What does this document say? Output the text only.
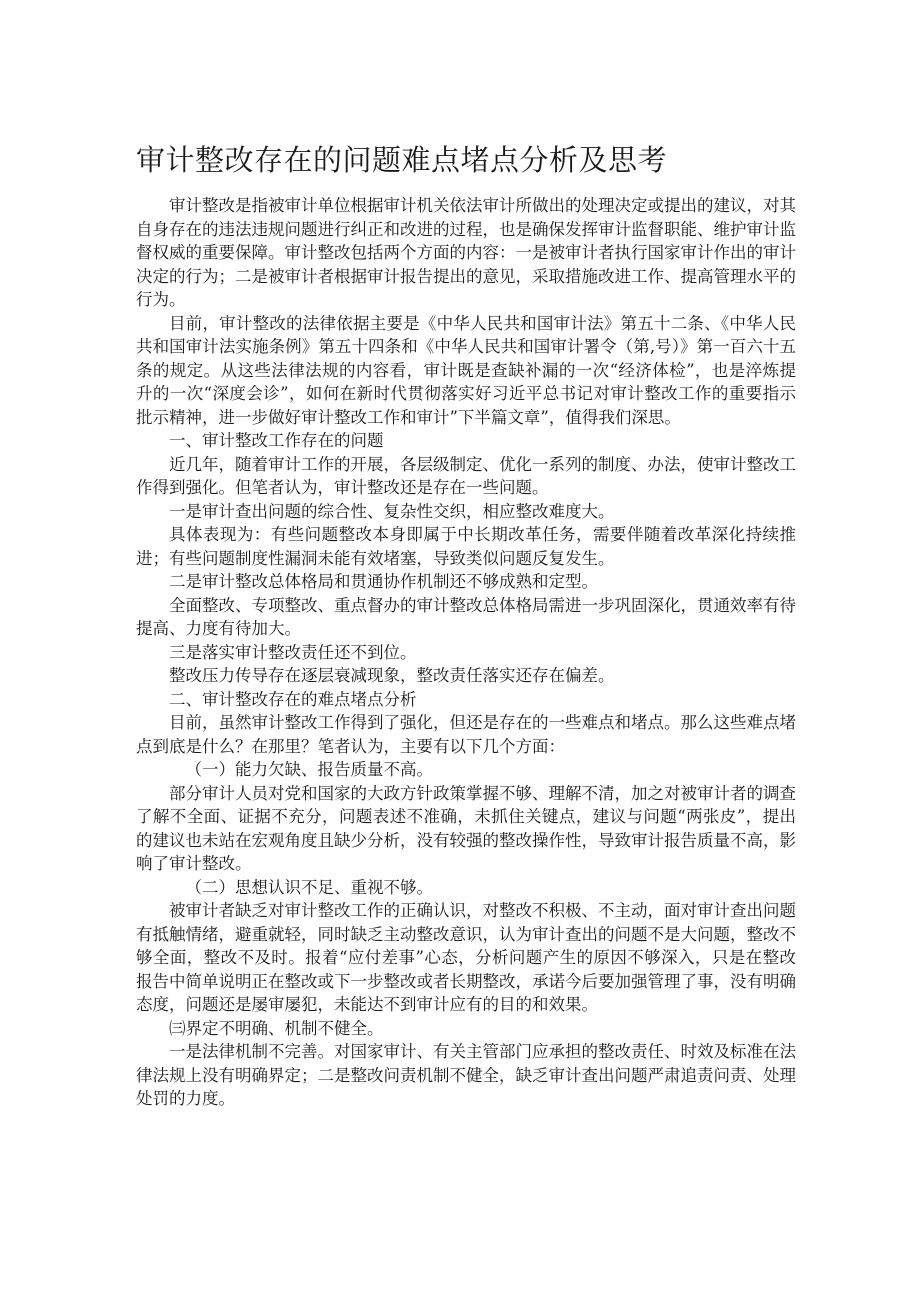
审计整改存在的问题难点堵点分析及思考

审计整改是指被审计单位根据审计机关依法审计所做出的处理决定或提出的建议，对其自身存在的违法违规问题进行纠正和改进的过程，也是确保发挥审计监督职能、维护审计监督权威的重要保障。审计整改包括两个方面的内容：一是被审计者执行国家审计作出的审计决定的行为；二是被审计者根据审计报告提出的意见，采取措施改进工作、提高管理水平的行为。

目前，审计整改的法律依据主要是《中华人民共和国审计法》第五十二条、《中华人民共和国审计法实施条例》第五十四条和《中华人民共和国审计署令（第,号）》第一百六十五条的规定。从这些法律法规的内容看，审计既是查缺补漏的一次“经济体检”，也是淬炼提升的一次“深度会诊”，如何在新时代贯彻落实好习近平总书记对审计整改工作的重要指示批示精神，进一步做好审计整改工作和审计”下半篇文章”，值得我们深思。

一、审计整改工作存在的问题

近几年，随着审计工作的开展，各层级制定、优化一系列的制度、办法，使审计整改工作得到强化。但笔者认为，审计整改还是存在一些问题。

一是审计查出问题的综合性、复杂性交织，相应整改难度大。

具体表现为：有些问题整改本身即属于中长期改革任务，需要伴随着改革深化持续推进；有些问题制度性漏洞未能有效堵塞，导致类似问题反复发生。

二是审计整改总体格局和贯通协作机制还不够成熟和定型。

全面整改、专项整改、重点督办的审计整改总体格局需进一步巩固深化，贯通效率有待提高、力度有待加大。

三是落实审计整改责任还不到位。

整改压力传导存在逐层衰减现象，整改责任落实还存在偏差。

二、审计整改存在的难点堵点分析

目前，虽然审计整改工作得到了强化，但还是存在的一些难点和堵点。那么这些难点堵点到底是什么？在那里？笔者认为，主要有以下几个方面：

（一）能力欠缺、报告质量不高。

部分审计人员对党和国家的大政方针政策掌握不够、理解不清，加之对被审计者的调查了解不全面、证据不充分，问题表述不准确，未抓住关键点，建议与问题“两张皮”，提出的建议也未站在宏观角度且缺少分析，没有较强的整改操作性，导致审计报告质量不高，影响了审计整改。

（二）思想认识不足、重视不够。

被审计者缺乏对审计整改工作的正确认识，对整改不积极、不主动，面对审计查出问题有抵触情绪，避重就轻，同时缺乏主动整改意识，认为审计查出的问题不是大问题，整改不够全面，整改不及时。报着“应付差事”心态，分析问题产生的原因不够深入，只是在整改报告中简单说明正在整改或下一步整改或者长期整改，承诺今后要加强管理了事，没有明确态度，问题还是屡审屡犯，未能达不到审计应有的目的和效果。

㈢界定不明确、机制不健全。

一是法律机制不完善。对国家审计、有关主管部门应承担的整改责任、时效及标准在法律法规上没有明确界定；二是整改问责机制不健全，缺乏审计查出问题严肃追责问责、处理处罚的力度。
